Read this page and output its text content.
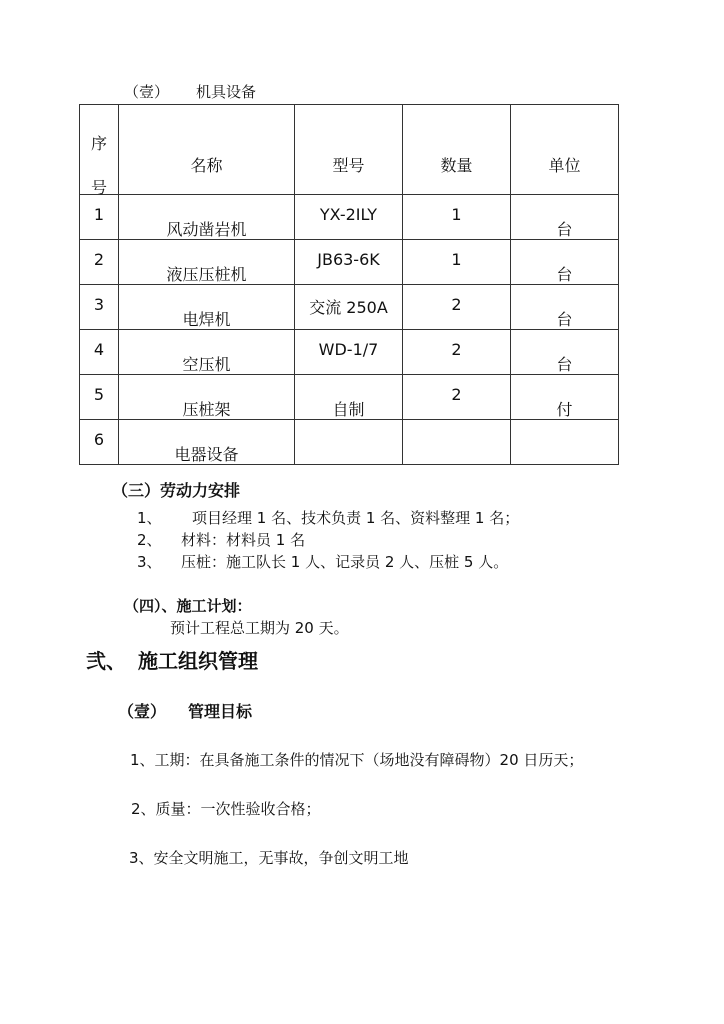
（壹） 机具设备
序
号	名称	型号	数量	单位

1	风动凿岩机	YX-2ILY	1	台

2	液压压桩机	JB63-6K	1	台

3	电焊机	交流 250A	2	台

4	空压机	WD-1/7	2	台

5	压桩架	自制	2	付

6	电器设备			

（三）劳动力安排
1、 项目经理 1 名、技术负责 1 名、资料整理 1 名；
2、 材料：材料员 1 名
3、 压桩：施工队长 1 人、记录员 2 人、压桩 5 人。
（四）、施工计划：
预计工程总工期为 20 天。
弐、 施工组织管理
（壹） 管理目标
1、工期：在具备施工条件的情况下（场地没有障碍物）20 日历天；
2、质量：一次性验收合格；
3、安全文明施工，无事故，争创文明工地
